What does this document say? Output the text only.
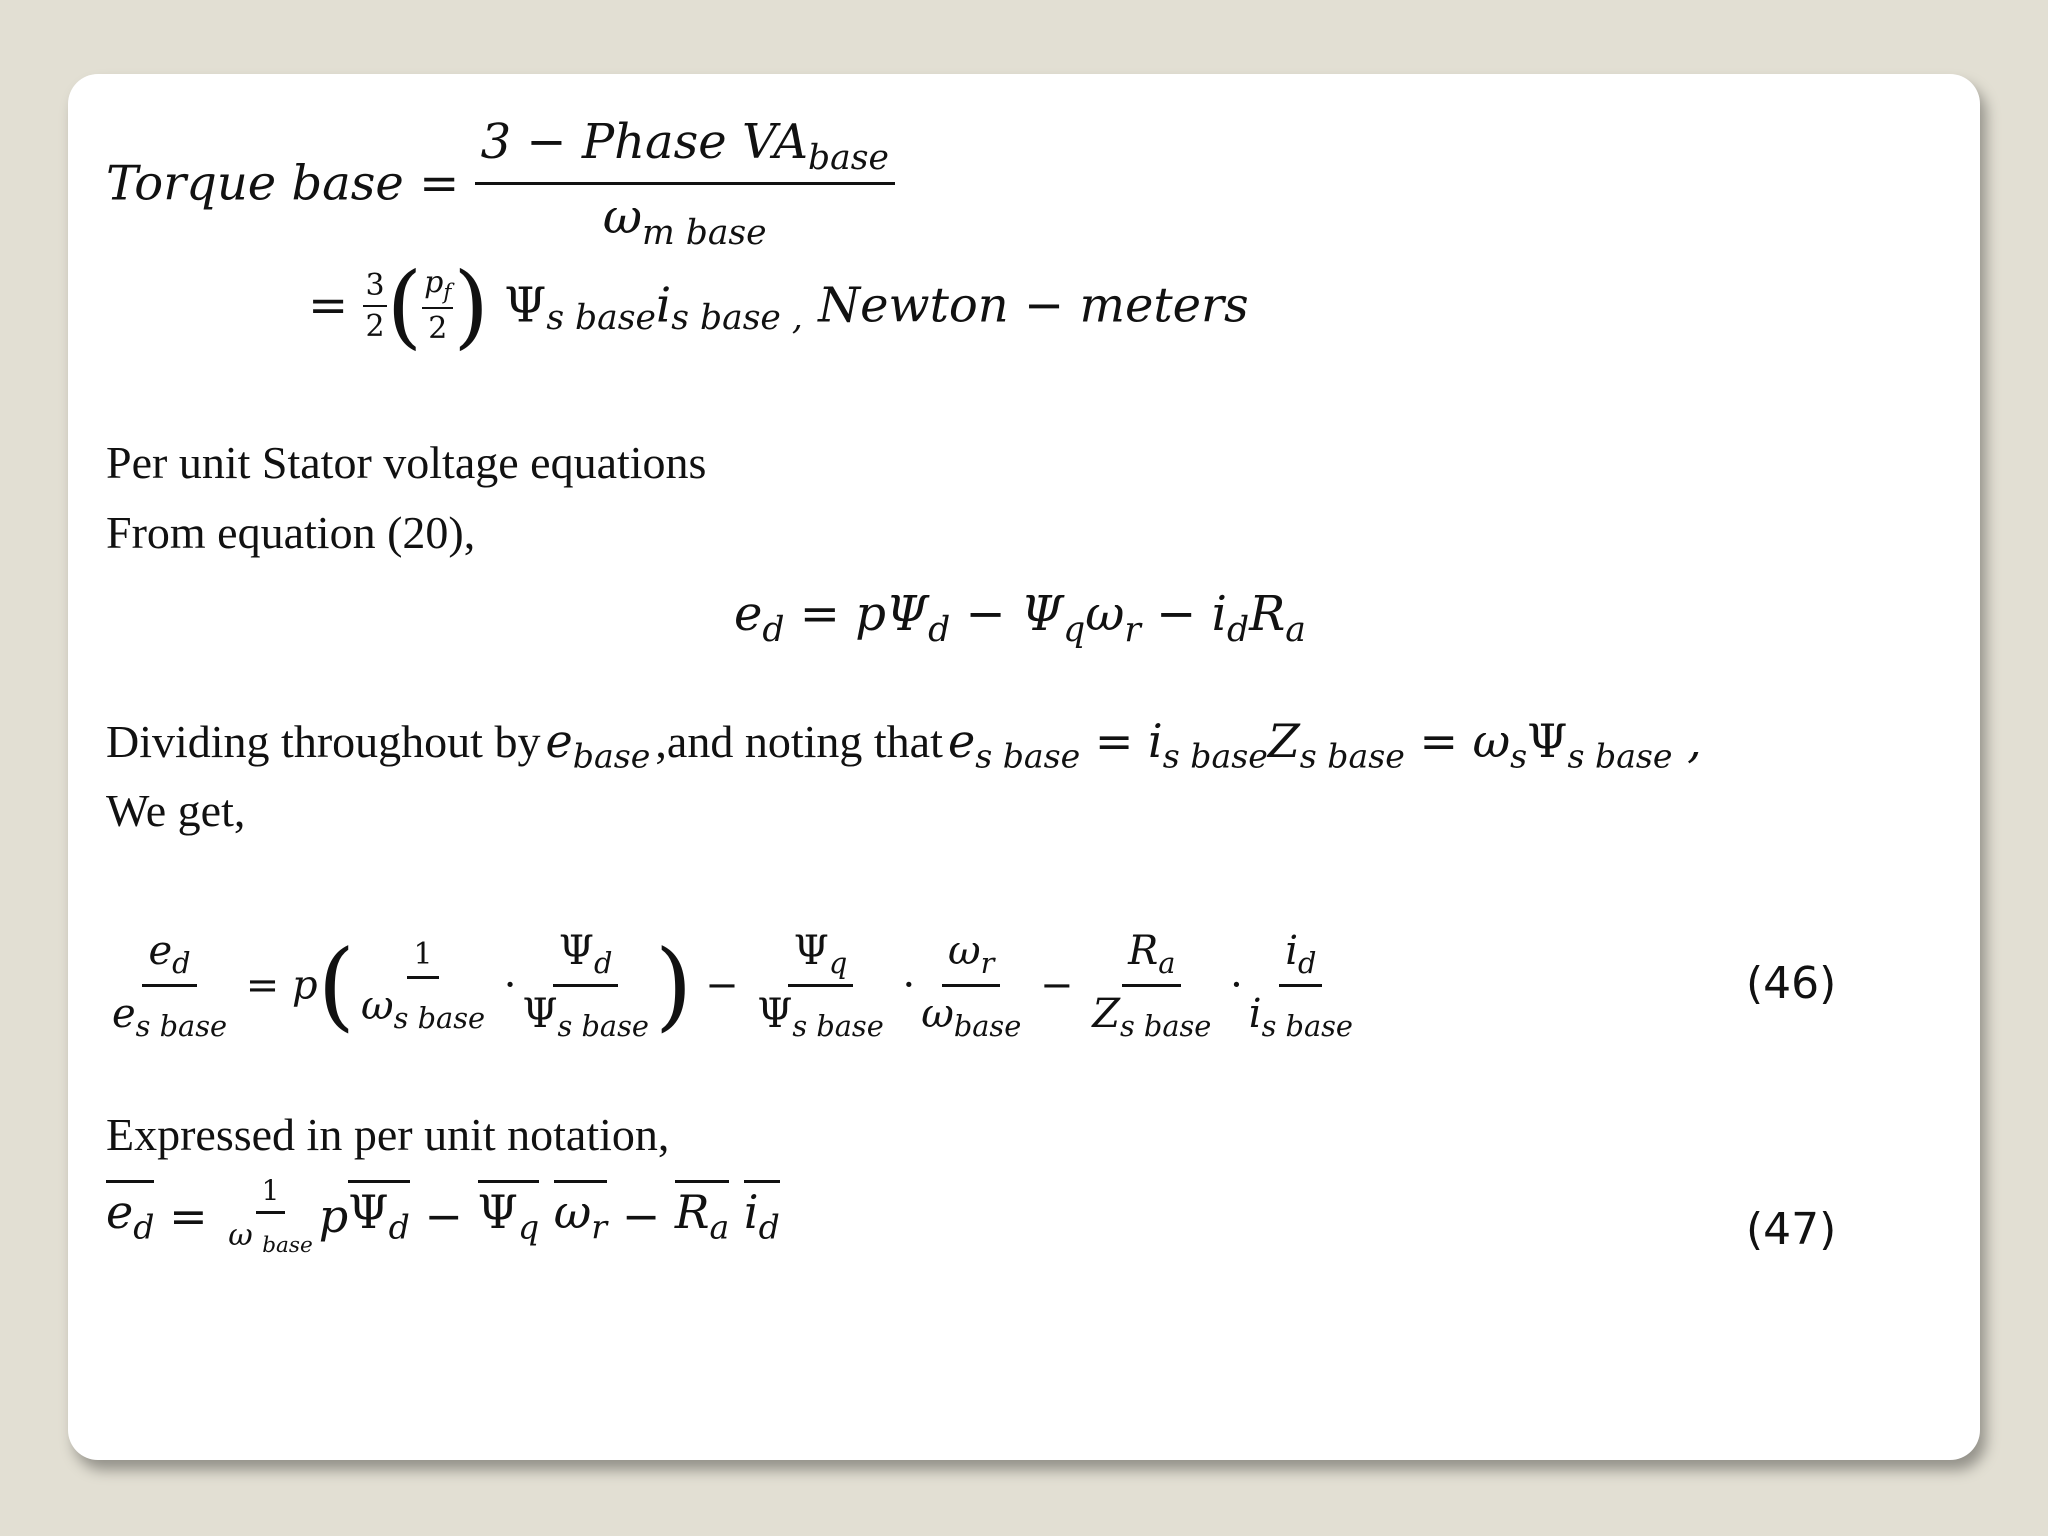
Torque base = $\frac{3 - Phase VA_{base}}{\omega_{m base}}$
= $\frac{3}{2}$ ( $\frac{p_f}{2}$ ) $\Psi_{s base}i_{s base ,}$ Newton − meters
Per unit Stator voltage equations
From equation (20),
$e_d = p\Psi_d - \Psi_q\omega_r - i_dR_a$
Dividing throughout by $e_{base}$ ,and noting that $e_{s base} = i_{s base}Z_{s base} = \omega_s\Psi_{s base}$ ,
We get,
$\frac{e_d}{e_{s base}} = p( \frac{1}{\omega_{s base}} \cdot \frac{\Psi_d}{\Psi_{s base}}$ ) − $\frac{\Psi_q}{\Psi_{s base}} \cdot \frac{\omega_r}{\omega_{base}} - \frac{R_a}{Z_{s base}} \cdot \frac{i_d}{i_{s base}}$	(46)
Expressed in per unit notation,
$e_d = \frac{1}{\omega _{base}} p\Psi_d - \Psi_q$ $\omega_r - R_a$ $i_d$	(47)
